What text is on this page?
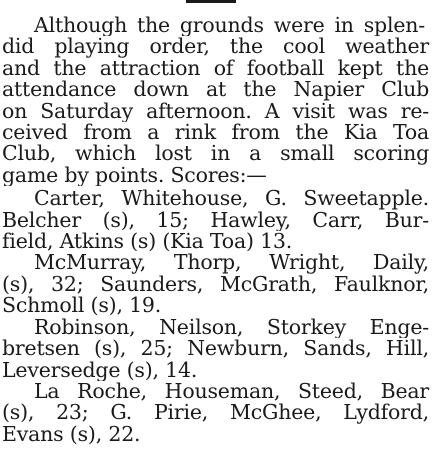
Although the grounds were in splen-
did playing order, the cool weather
and the attraction of football kept the
attendance down at the Napier Club
on Saturday afternoon. A visit was re-
ceived from a rink from the Kia Toa
Club, which lost in a small scoring
game by points. Scores:—
Carter, Whitehouse, G. Sweetapple.
Belcher (s), 15; Hawley, Carr, Bur-
field, Atkins (s) (Kia Toa) 13.
McMurray, Thorp, Wright, Daily,
(s), 32; Saunders, McGrath, Faulknor,
Schmoll (s), 19.
Robinson, Neilson, Storkey Enge-
bretsen (s), 25; Newburn, Sands, Hill,
Leversedge (s), 14.
La Roche, Houseman, Steed, Bear
(s), 23; G. Pirie, McGhee, Lydford,
Evans (s), 22.
